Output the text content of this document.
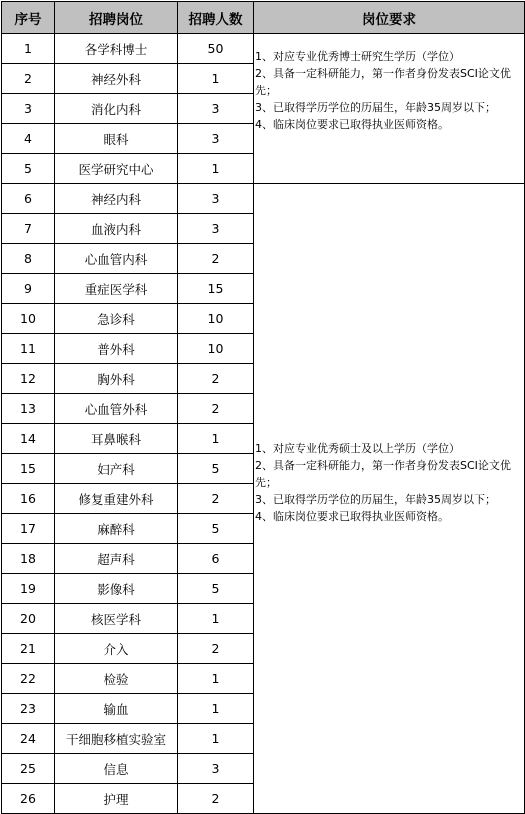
序号	招聘岗位	招聘人数	岗位要求
1	各学科博士	50	1、对应专业优秀博士研究生学历（学位）
2、具备一定科研能力，第一作者身份发表SCI论文优先；
3、已取得学历学位的历届生，年龄35周岁以下；
4、临床岗位要求已取得执业医师资格。

2	神经外科	1	
3	消化内科	3	
4	眼科	3	
5	医学研究中心	1	
6	神经内科	3	1、对应专业优秀硕士及以上学历（学位）
2、具备一定科研能力，第一作者身份发表SCI论文优先；
3、已取得学历学位的历届生，年龄35周岁以下；
4、临床岗位要求已取得执业医师资格。

7	血液内科	3	
8	心血管内科	2	
9	重症医学科	15	
10	急诊科	10	
11	普外科	10	
12	胸外科	2	
13	心血管外科	2	
14	耳鼻喉科	1	
15	妇产科	5	
16	修复重建外科	2	
17	麻醉科	5	
18	超声科	6	
19	影像科	5	
20	核医学科	1	
21	介入	2	
22	检验	1	
23	输血	1	
24	干细胞移植实验室	1	
25	信息	3	
26	护理	2	
